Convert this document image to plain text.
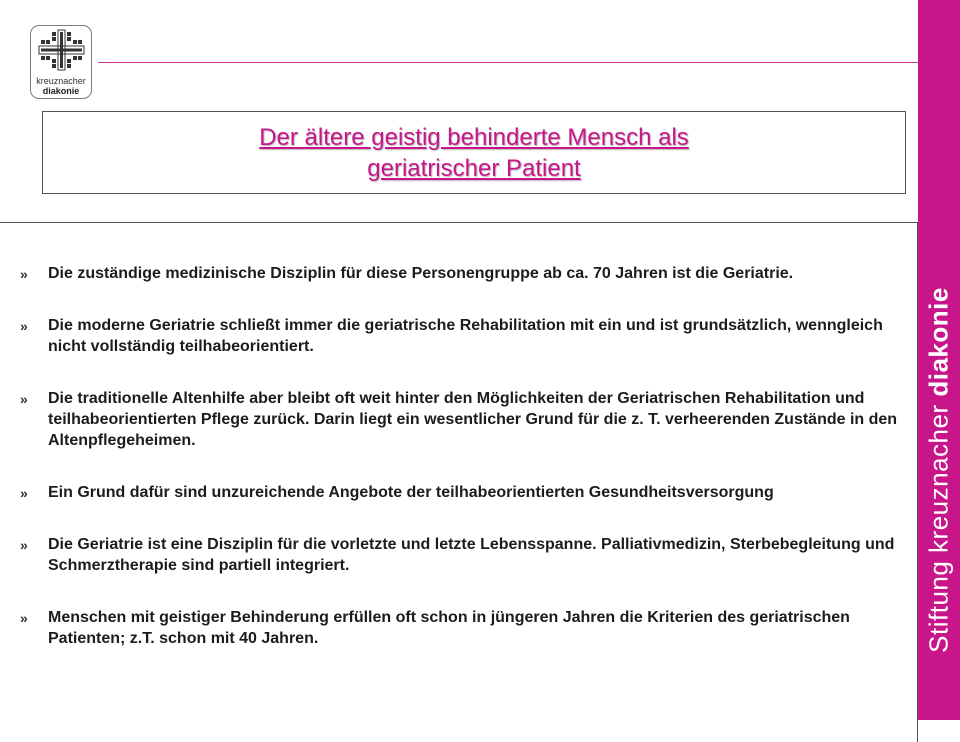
kreuznacher
diakonie
Stiftung kreuznacher diakonie
Der ältere geistig behinderte Mensch als
geriatrischer Patient
» Die zuständige medizinische Disziplin für diese Personengruppe ab ca. 70 Jahren ist die Geriatrie.
» Die moderne Geriatrie schließt immer die geriatrische Rehabilitation mit ein und ist grundsätzlich, wenngleich nicht vollständig teilhabeorientiert.
» Die traditionelle Altenhilfe aber bleibt oft weit hinter den Möglichkeiten der Geriatrischen Rehabilitation und teilhabeorientierten Pflege zurück. Darin liegt ein wesentlicher Grund für die z. T. verheerenden Zustände in den Altenpflegeheimen.
» Ein Grund dafür sind unzureichende Angebote der teilhabeorientierten Gesundheitsversorgung
» Die Geriatrie ist eine Disziplin für die vorletzte und letzte Lebensspanne. Palliativmedizin, Sterbebegleitung und Schmerztherapie sind partiell integriert.
» Menschen mit geistiger Behinderung erfüllen oft schon in jüngeren Jahren die Kriterien des geriatrischen Patienten; z.T. schon mit 40 Jahren.
